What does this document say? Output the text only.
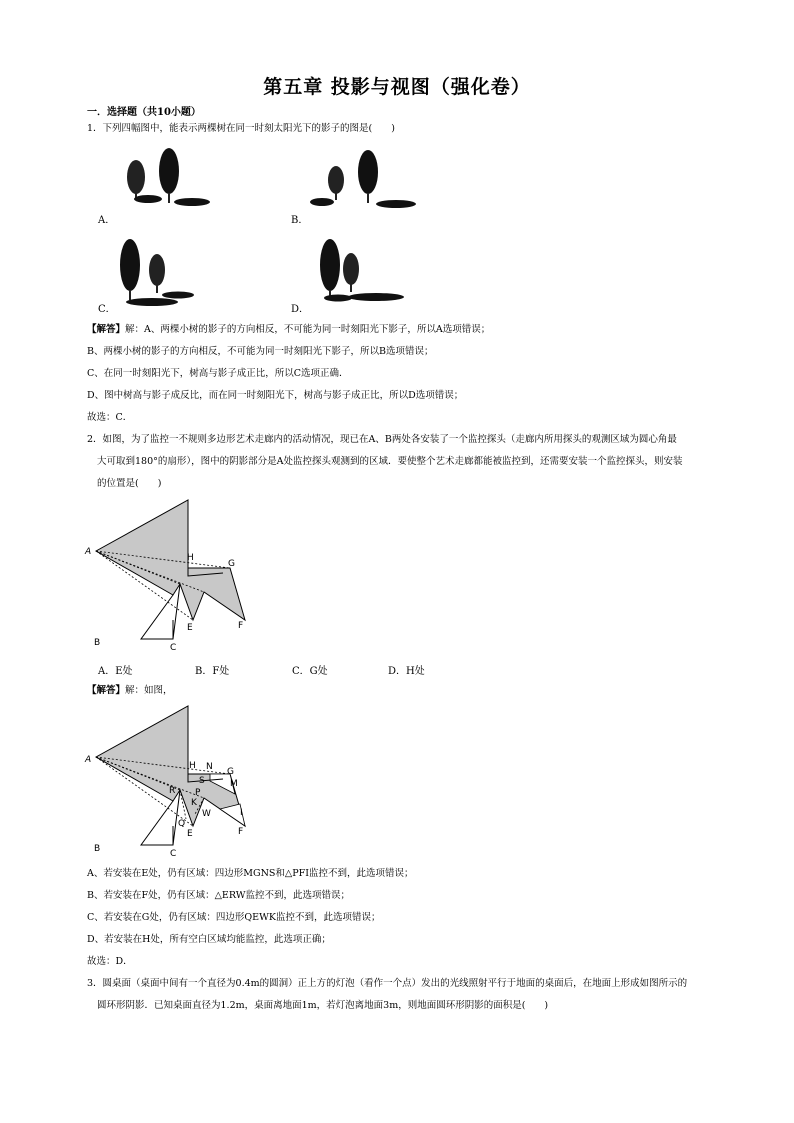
第五章 投影与视图（强化卷）
一．选择题（共10小题）
1．下列四幅图中，能表示两棵树在同一时刻太阳光下的影子的图是(　　)
A．	B．
C．	D．
【解答】解：A、两棵小树的影子的方向相反，不可能为同一时刻阳光下影子，所以A选项错误；
B、两棵小树的影子的方向相反，不可能为同一时刻阳光下影子，所以B选项错误；
C、在同一时刻阳光下，树高与影子成正比，所以C选项正确．
D、图中树高与影子成反比，而在同一时刻阳光下，树高与影子成正比，所以D选项错误；
故选：C．
2．如图，为了监控一不规则多边形艺术走廊内的活动情况，现已在A、B两处各安装了一个监控探头（走廊内所用探头的观测区域为圆心角最
大可取到180°的扇形），图中的阴影部分是A处监控探头观测到的区域．要使整个艺术走廊都能被监控到，还需要安装一个监控探头，则安装
的位置是(　　)
A
H
G
E	F
B	C
A．E处	B．F处	C．G处	D．H处
【解答】解：如图，
A
H N G
M
S
R P
K
I
W
Q
E	F
B	C
A、若安装在E处，仍有区域：四边形MGNS和△PFI监控不到，此选项错误；
B、若安装在F处，仍有区域：△ERW监控不到，此选项错误；
C、若安装在G处，仍有区域：四边形QEWK监控不到，此选项错误；
D、若安装在H处，所有空白区域均能监控，此选项正确；
故选：D．
3．圆桌面（桌面中间有一个直径为0.4m的圆洞）正上方的灯泡（看作一个点）发出的光线照射平行于地面的桌面后，在地面上形成如图所示的
圆环形阴影．已知桌面直径为1.2m，桌面离地面1m，若灯泡离地面3m，则地面圆环形阴影的面积是(　　)
